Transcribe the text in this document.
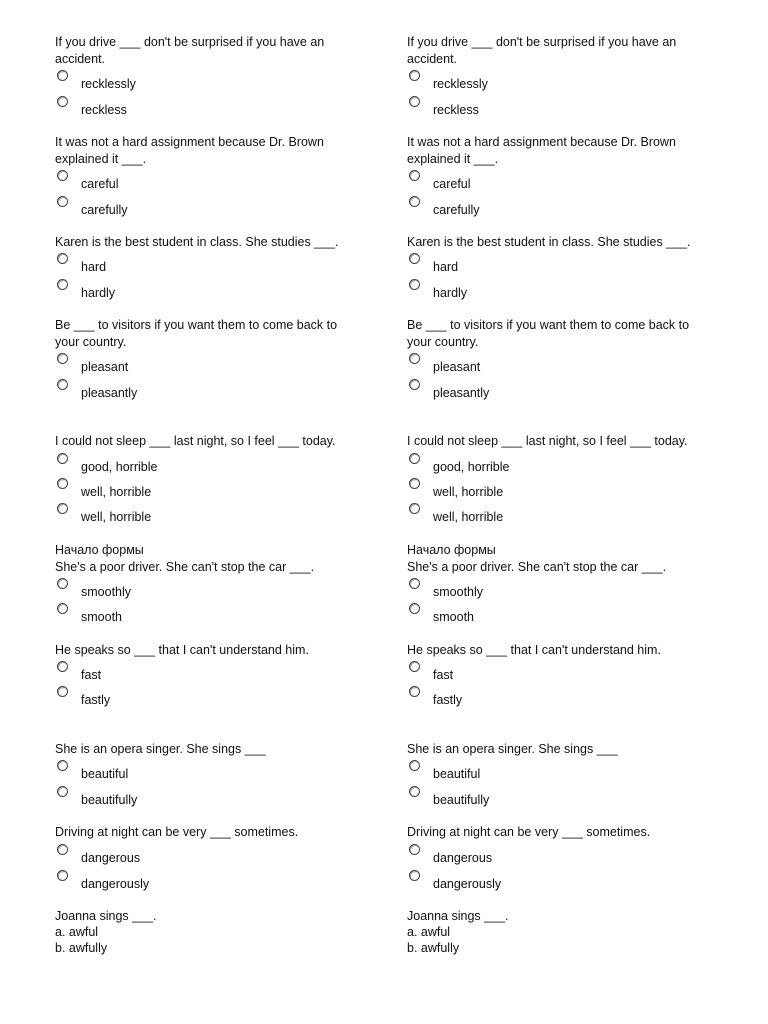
If you drive ___ don't be surprised if you have an accident.
recklessly
reckless
It was not a hard assignment because Dr. Brown explained it ___.
careful
carefully
Karen is the best student in class. She studies ___.
hard
hardly
Be ___ to visitors if you want them to come back to your country.
pleasant
pleasantly
I could not sleep ___ last night, so I feel ___ today.
good, horrible
well, horrible
well, horrible
Начало формы
She's a poor driver. She can't stop the car ___.
smoothly
smooth
He speaks so ___ that I can't understand him.
fast
fastly
She is an opera singer. She sings ___
beautiful
beautifully
Driving at night can be very ___ sometimes.
dangerous
dangerously
Joanna sings ___.
a. awful
b. awfully
If you drive ___ don't be surprised if you have an accident.
recklessly
reckless
It was not a hard assignment because Dr. Brown explained it ___.
careful
carefully
Karen is the best student in class. She studies ___.
hard
hardly
Be ___ to visitors if you want them to come back to your country.
pleasant
pleasantly
I could not sleep ___ last night, so I feel ___ today.
good, horrible
well, horrible
well, horrible
Начало формы
She's a poor driver. She can't stop the car ___.
smoothly
smooth
He speaks so ___ that I can't understand him.
fast
fastly
She is an opera singer. She sings ___
beautiful
beautifully
Driving at night can be very ___ sometimes.
dangerous
dangerously
Joanna sings ___.
a. awful
b. awfully
